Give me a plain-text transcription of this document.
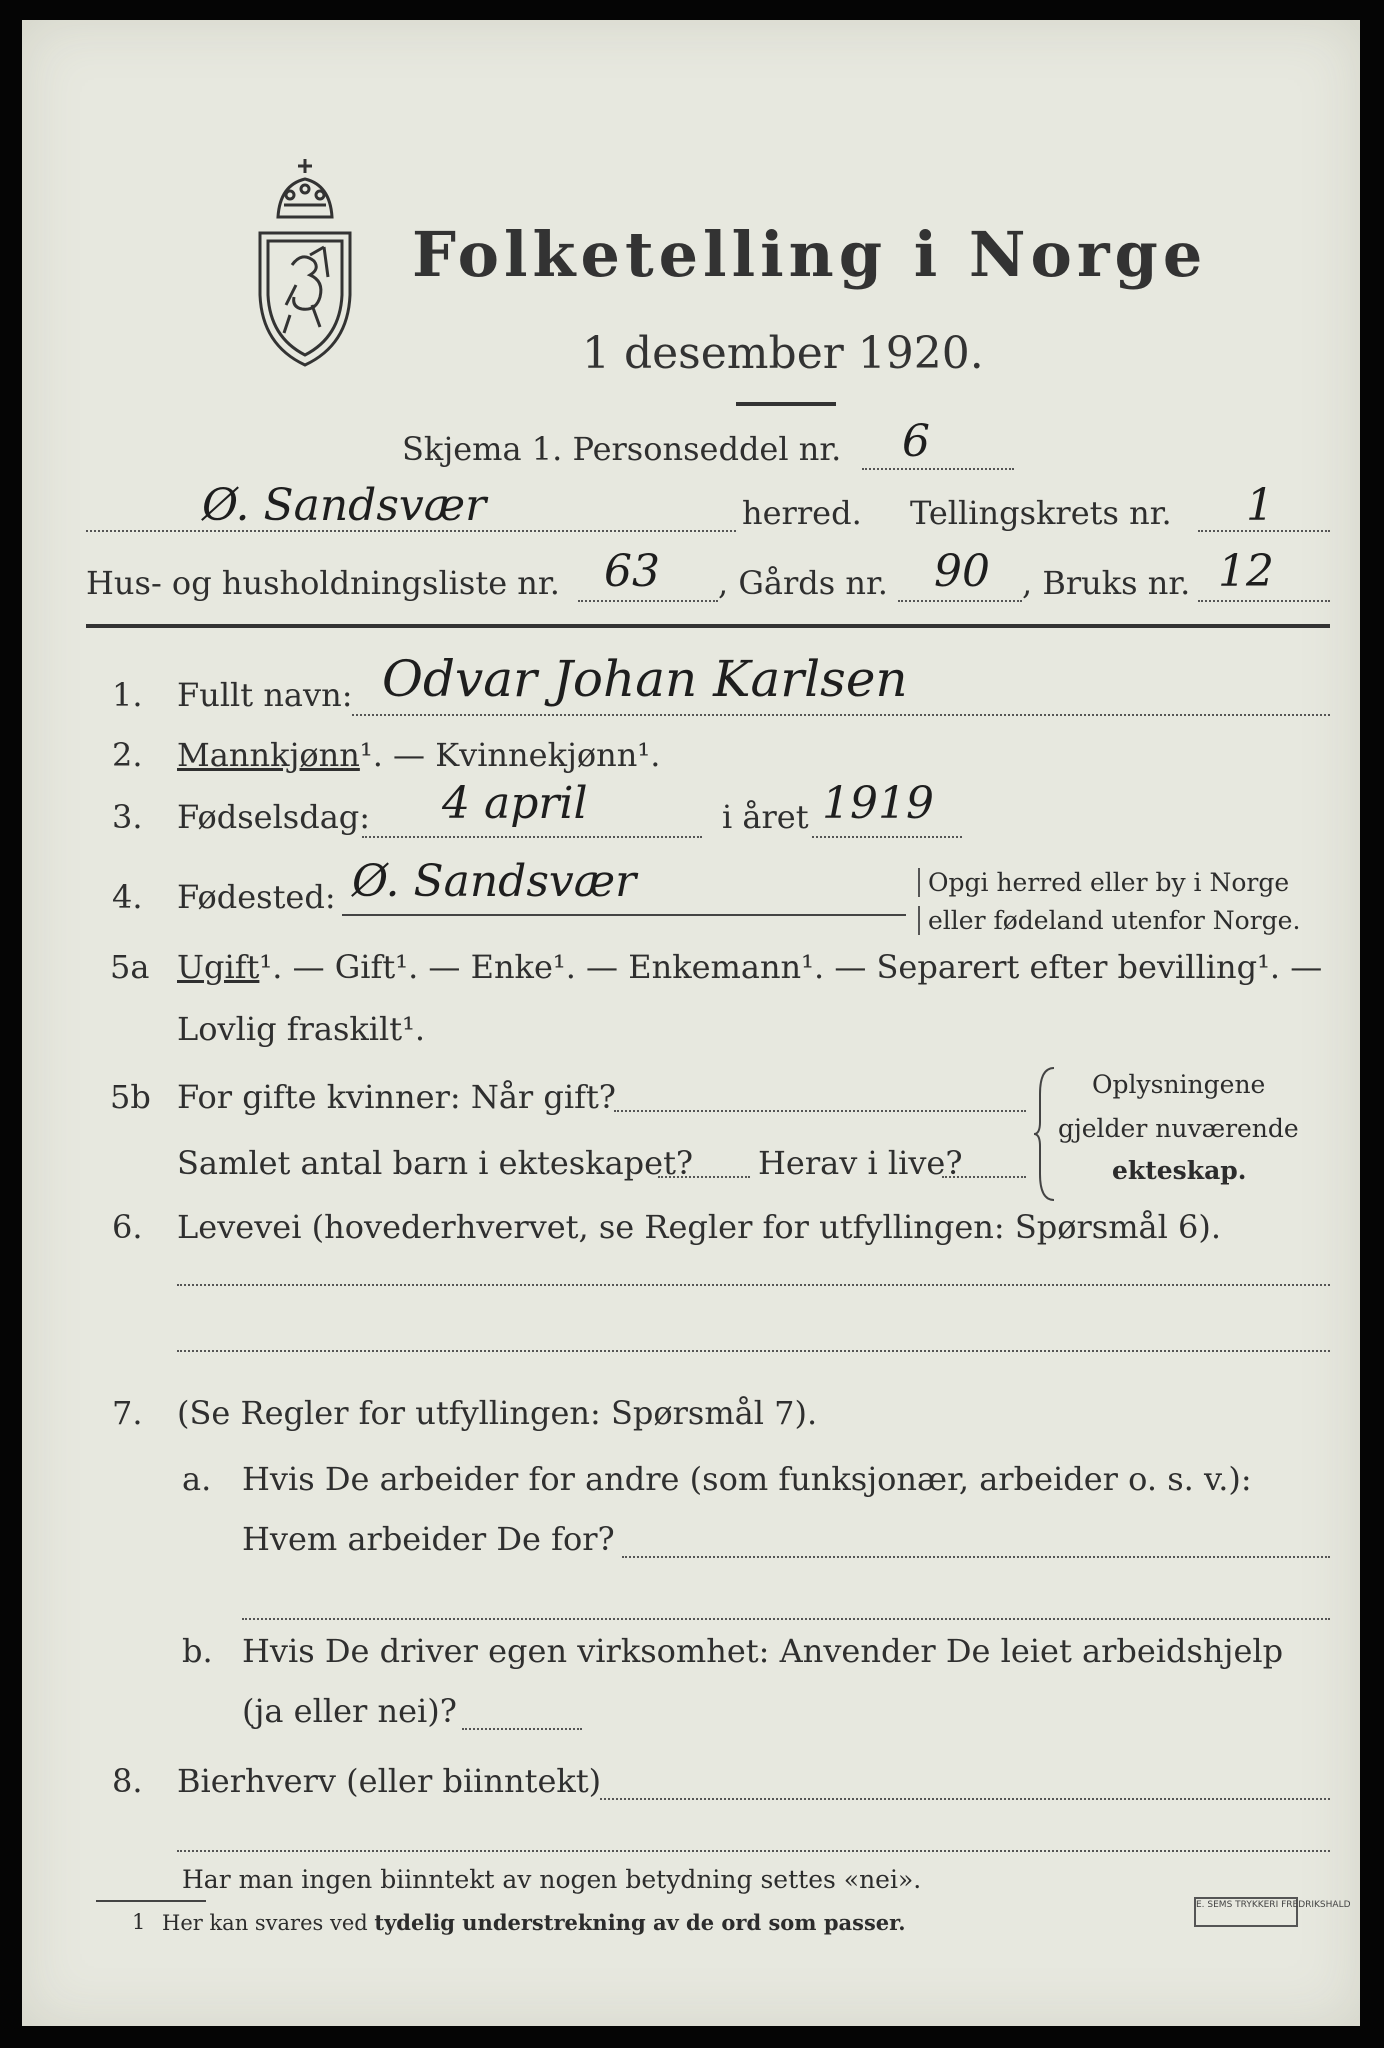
Folketelling i Norge
1 desember 1920.
Skjema 1. Personseddel nr. 6
Ø. Sandsvær	herred. Tellingskrets nr. 1
Hus- og husholdningsliste nr. 63 , Gårds nr. 90 , Bruks nr. 12
1. Fullt navn: Odvar Johan Karlsen
2. Mannkjønn¹. — Kvinnekjønn¹.
3. Fødselsdag: 4 april	i året 1919
4. Fødested: Ø. Sandsvær	Opgi herred eller by i Norge
eller fødeland utenfor Norge.
5a Ugift¹. — Gift¹. — Enke¹. — Enkemann¹. — Separert efter bevilling¹. —
Lovlig fraskilt¹.
5b For gifte kvinner: Når gift?
Samlet antal barn i ekteskapet? Herav i live?
Oplysningene
gjelder nuværende
ekteskap.
6. Levevei (hovederhvervet, se Regler for utfyllingen: Spørsmål 6).
7. (Se Regler for utfyllingen: Spørsmål 7).
a. Hvis De arbeider for andre (som funksjonær, arbeider o. s. v.):
Hvem arbeider De for?
b. Hvis De driver egen virksomhet: Anvender De leiet arbeidshjelp
(ja eller nei)?
8. Bierhverv (eller biinntekt)
Har man ingen biinntekt av nogen betydning settes «nei».
1 Her kan svares ved tydelig understrekning av de ord som passer.
E. SEMS TRYKKERI FREDRIKSHALD
